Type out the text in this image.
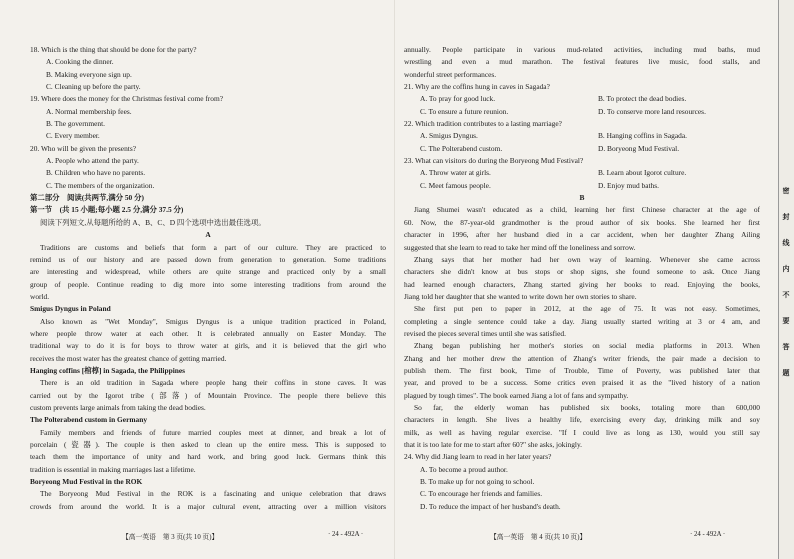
18. Which is the thing that should be done for the party?
A. Cooking the dinner.
B. Making everyone sign up.
C. Cleaning up before the party.
19. Where does the money for the Christmas festival come from?
A. Normal membership fees.
B. The government.
C. Every member.
20. Who will be given the presents?
A. People who attend the party.
B. Children who have no parents.
C. The members of the organization.
第二部分　阅读(共两节,满分 50 分)
第一节　(共 15 小题;每小题 2.5 分,满分 37.5 分)
阅读下列短文,从每题所给的 A、B、C、D 四个选项中选出最佳选项。
A
Traditions are customs and beliefs that form a part of our culture. They are practiced to
remind us of our history and are passed down from generation to generation. Some traditions
are interesting and widespread, while others are quite strange and practiced only by a small
group of people. Continue reading to dig more into some interesting traditions from around the
world.
Smigus Dyngus in Poland
Also known as "Wet Monday", Smigus Dyngus is a unique tradition practiced in Poland,
where people throw water at each other. It is celebrated annually on Easter Monday. The
traditional way to do it is for boys to throw water at girls, and it is believed that the girl who
receives the most water has the greatest chance of getting married.
Hanging coffins [棺椁] in Sagada, the Philippines
There is an old tradition in Sagada where people hang their coffins in stone caves. It was
carried out by the Igorot tribe (部落) of Mountain Province. The people there believe this
custom prevents large animals from taking the dead bodies.
The Polterabend custom in Germany
Family members and friends of future married couples meet at dinner, and break a lot of
porcelain (瓷器). The couple is then asked to clean up the entire mess. This is supposed to
teach them the importance of unity and hard work, and bring good luck. Germans think this
tradition is essential in making marriages last a lifetime.
Boryeong Mud Festival in the ROK
The Boryeong Mud Festival in the ROK is a fascinating and unique celebration that draws
crowds from around the world. It is a major cultural event, attracting over a million visitors
annually. People participate in various mud-related activities, including mud baths, mud
wrestling and even a mud marathon. The festival features live music, food stalls, and
wonderful street performances.
21. Why are the coffins hung in caves in Sagada?
A. To pray for good luck.	B. To protect the dead bodies.
C. To ensure a future reunion.	D. To conserve more land resources.
22. Which tradition contributes to a lasting marriage?
A. Smigus Dyngus.	B. Hanging coffins in Sagada.
C. The Polterabend custom.	D. Boryeong Mud Festival.
23. What can visitors do during the Boryeong Mud Festival?
A. Throw water at girls.	B. Learn about Igorot culture.
C. Meet famous people.	D. Enjoy mud baths.
B
Jiang Shumei wasn't educated as a child, learning her first Chinese character at the age of
60. Now, the 87-year-old grandmother is the proud author of six books. She learned her first
character in 1996, after her husband died in a car accident, when her daughter Zhang Ailing
suggested that she learn to read to take her mind off the loneliness and sorrow.
Zhang says that her mother had her own way of learning. Whenever she came across
characters she didn't know at bus stops or shop signs, she found someone to ask. Once Jiang
had learned enough characters, Zhang started giving her books to read. Enjoying the books,
Jiang told her daughter that she wanted to write down her own stories to share.
She first put pen to paper in 2012, at the age of 75. It was not easy. Sometimes,
completing a single sentence could take a day. Jiang usually started writing at 3 or 4 am, and
revised the pieces several times until she was satisfied.
Zhang began publishing her mother's stories on social media platforms in 2013. When
Zhang and her mother drew the attention of Zhang's writer friends, the pair made a decision to
publish them. The first book, Time of Trouble, Time of Poverty, was published later that
year, and proved to be a success. Some critics even praised it as the "lived history of a nation
plagued by tough times". The book earned Jiang a lot of fans and sympathy.
So far, the elderly woman has published six books, totaling more than 600,000
characters in length. She lives a healthy life, exercising every day, drinking milk and soy
milk, as well as having regular exercise. "If I could live as long as 130, would you still say
that it is too late for me to start after 60?" she asks, jokingly.
24. Why did Jiang learn to read in her later years?
A. To become a proud author.
B. To make up for not going to school.
C. To encourage her friends and families.
D. To reduce the impact of her husband's death.
【高一英语　第 3 页(共 10 页)】	· 24 - 492A ·	【高一英语　第 4 页(共 10 页)】	· 24 - 492A ·
密
封
线
内
不
要
答
题
